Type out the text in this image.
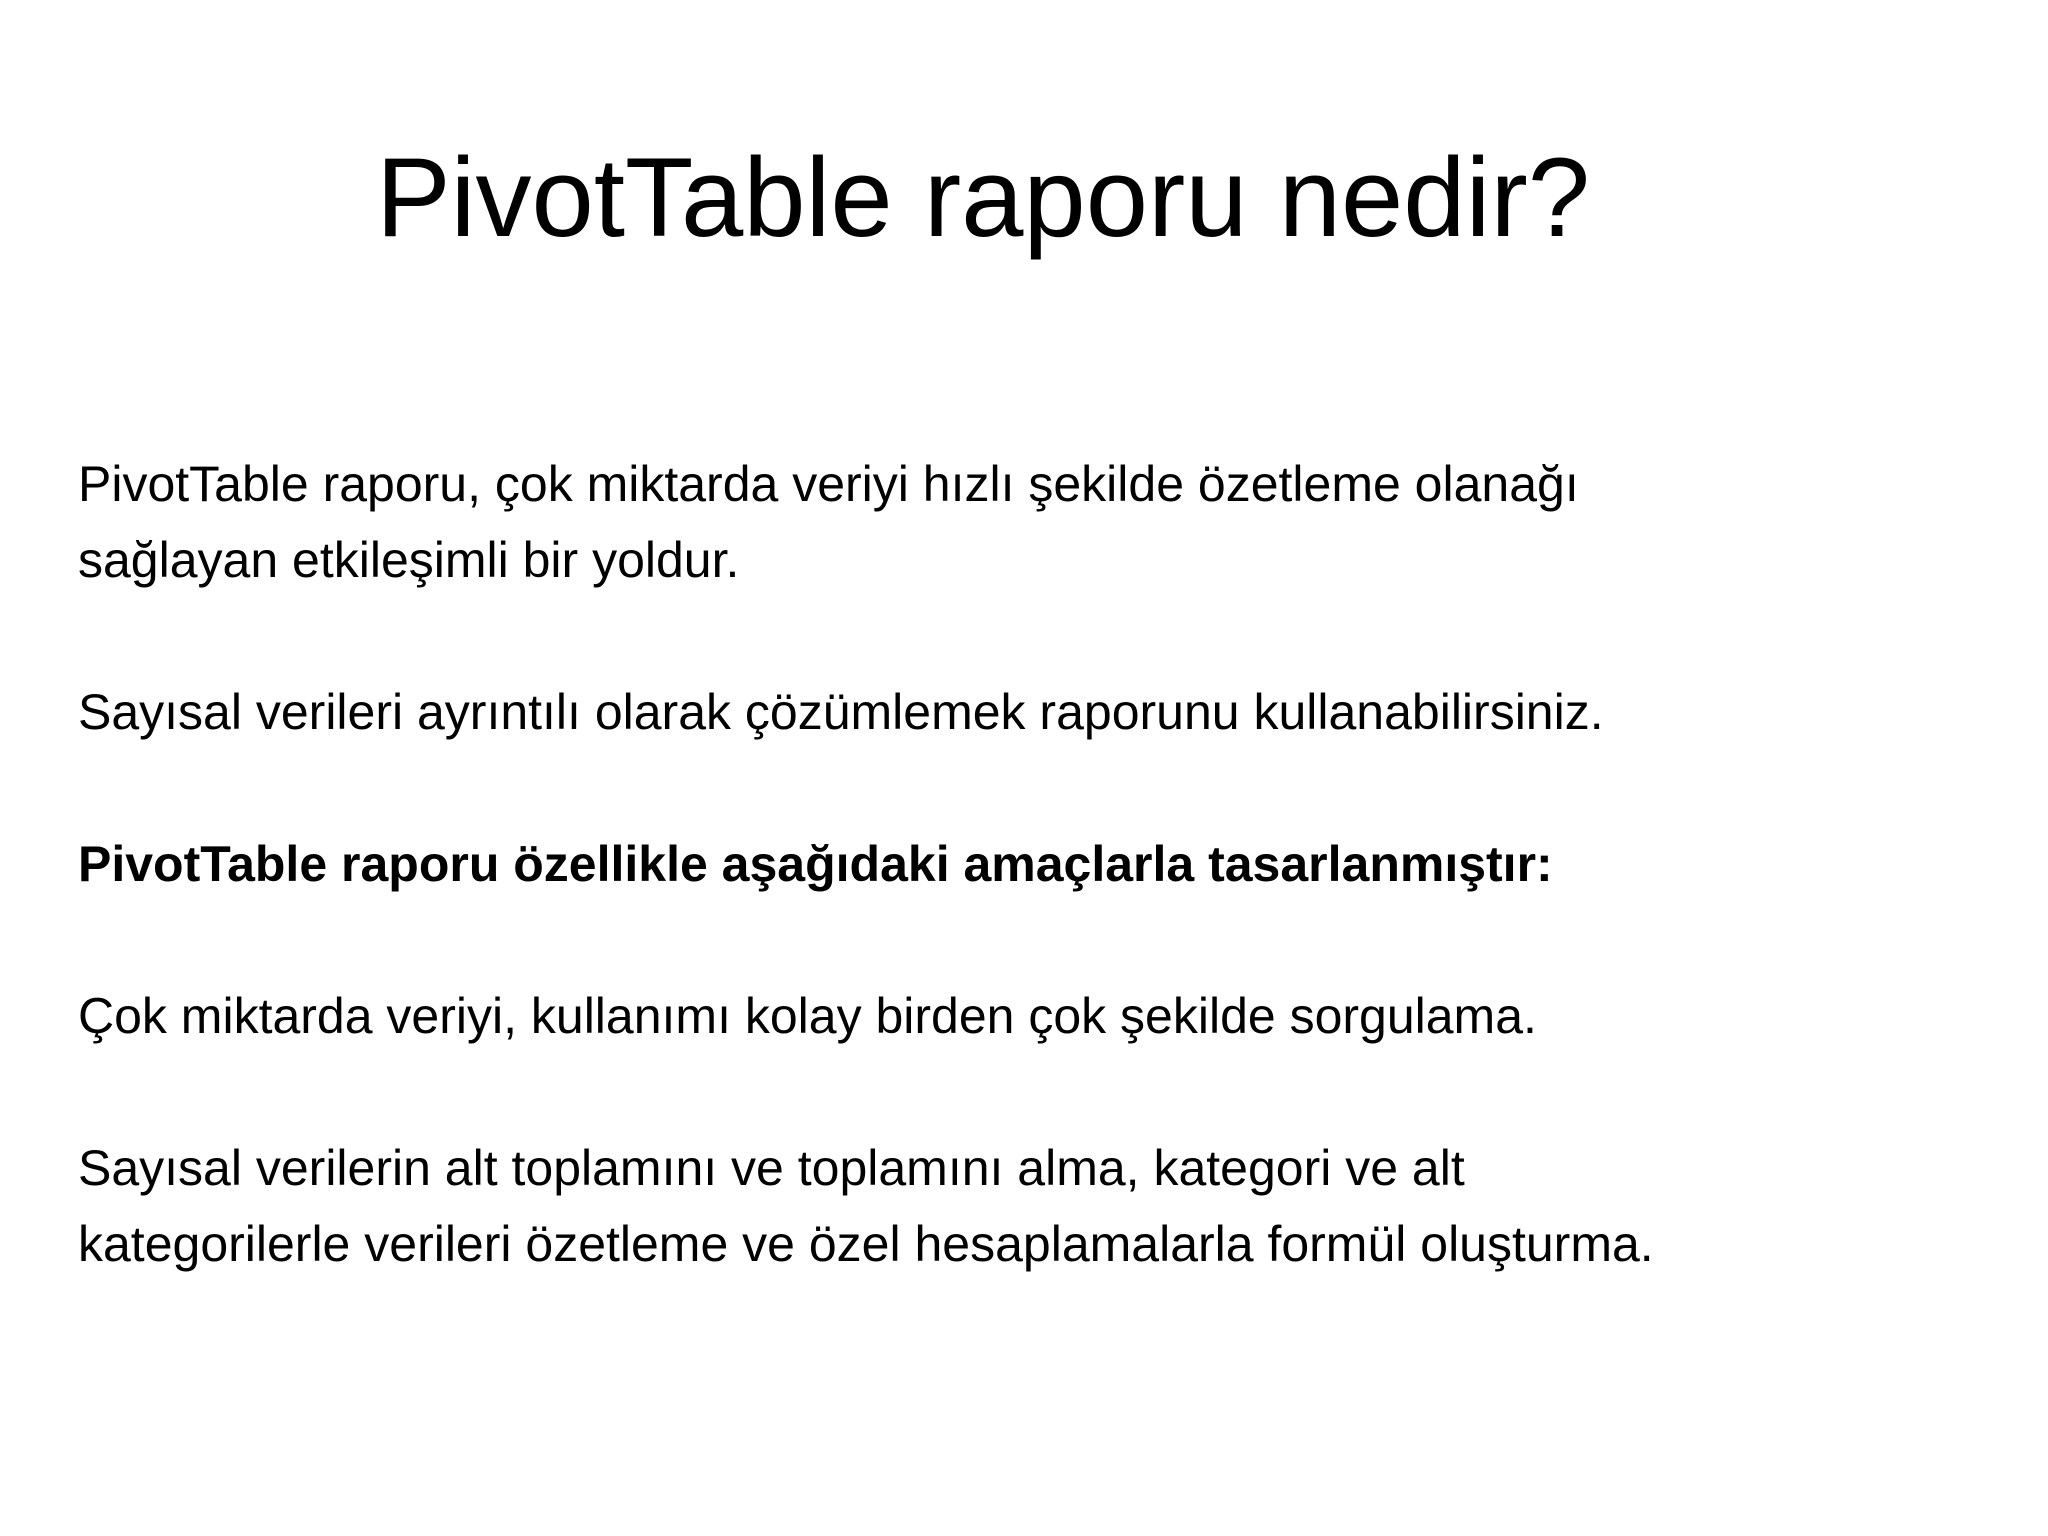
PivotTable raporu nedir?

PivotTable raporu, çok miktarda veriyi hızlı şekilde özetleme olanağı

sağlayan etkileşimli bir yoldur.

Sayısal verileri ayrıntılı olarak çözümlemek raporunu kullanabilirsiniz.

PivotTable raporu özellikle aşağıdaki amaçlarla tasarlanmıştır:

Çok miktarda veriyi, kullanımı kolay birden çok şekilde sorgulama.

Sayısal verilerin alt toplamını ve toplamını alma, kategori ve alt

kategorilerle verileri özetleme ve özel hesaplamalarla formül oluşturma.
